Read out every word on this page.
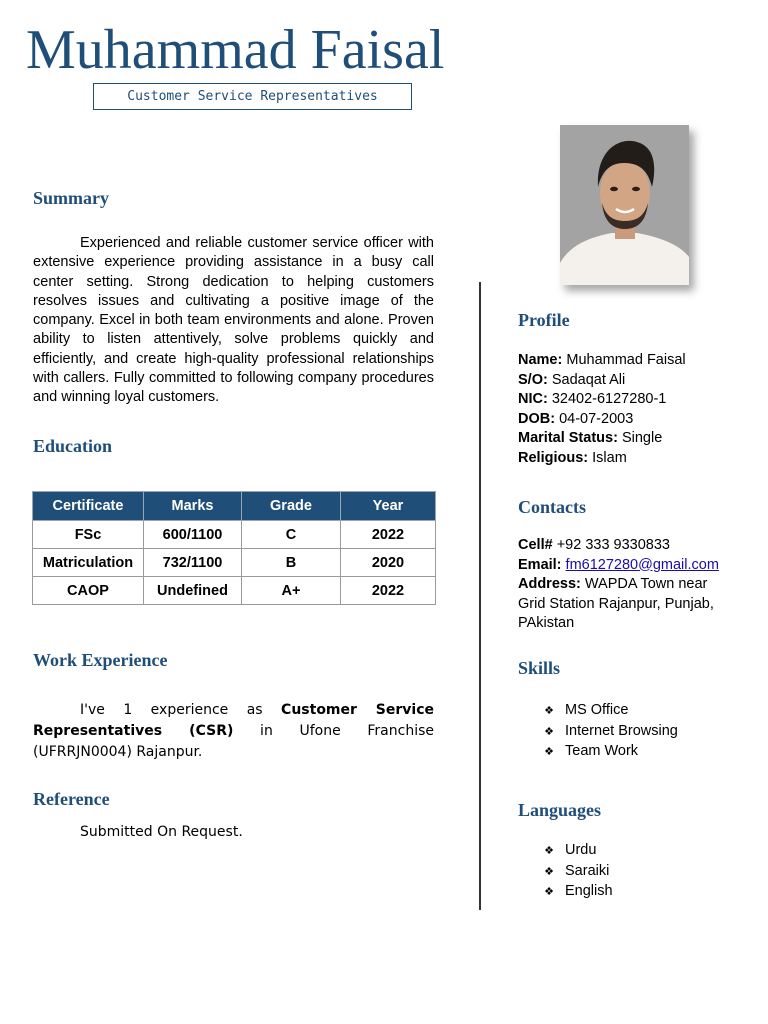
Muhammad Faisal
Customer Service Representatives
Summary

Experienced and reliable customer service officer with extensive experience providing assistance in a busy call center setting. Strong dedication to helping customers resolves issues and cultivating a positive image of the company. Excel in both team environments and alone. Proven ability to listen attentively, solve problems quickly and efficiently, and create high-quality professional relationships with callers. Fully committed to following company procedures and winning loyal customers.

Education
Certificate	Marks	Grade	Year
FSc	600/1100	C	2022
Matriculation	732/1100	B	2020
CAOP	Undefined	A+	2022
Work Experience

I've 1 experience as Customer Service Representatives (CSR) in Ufone Franchise (UFRRJN0004) Rajanpur.

Reference
Submitted On Request.
Profile
Name: Muhammad Faisal
S/O: Sadaqat Ali
NIC: 32402-6127280-1
DOB: 04-07-2003
Marital Status: Single
Religious: Islam
Contacts
Cell# +92 333 9330833
Email: fm6127280@gmail.com
Address: WAPDA Town near
Grid Station Rajanpur, Punjab,
PAkistan
Skills
❖ MS Office
❖ Internet Browsing
❖ Team Work
Languages
❖ Urdu
❖ Saraiki
❖ English
